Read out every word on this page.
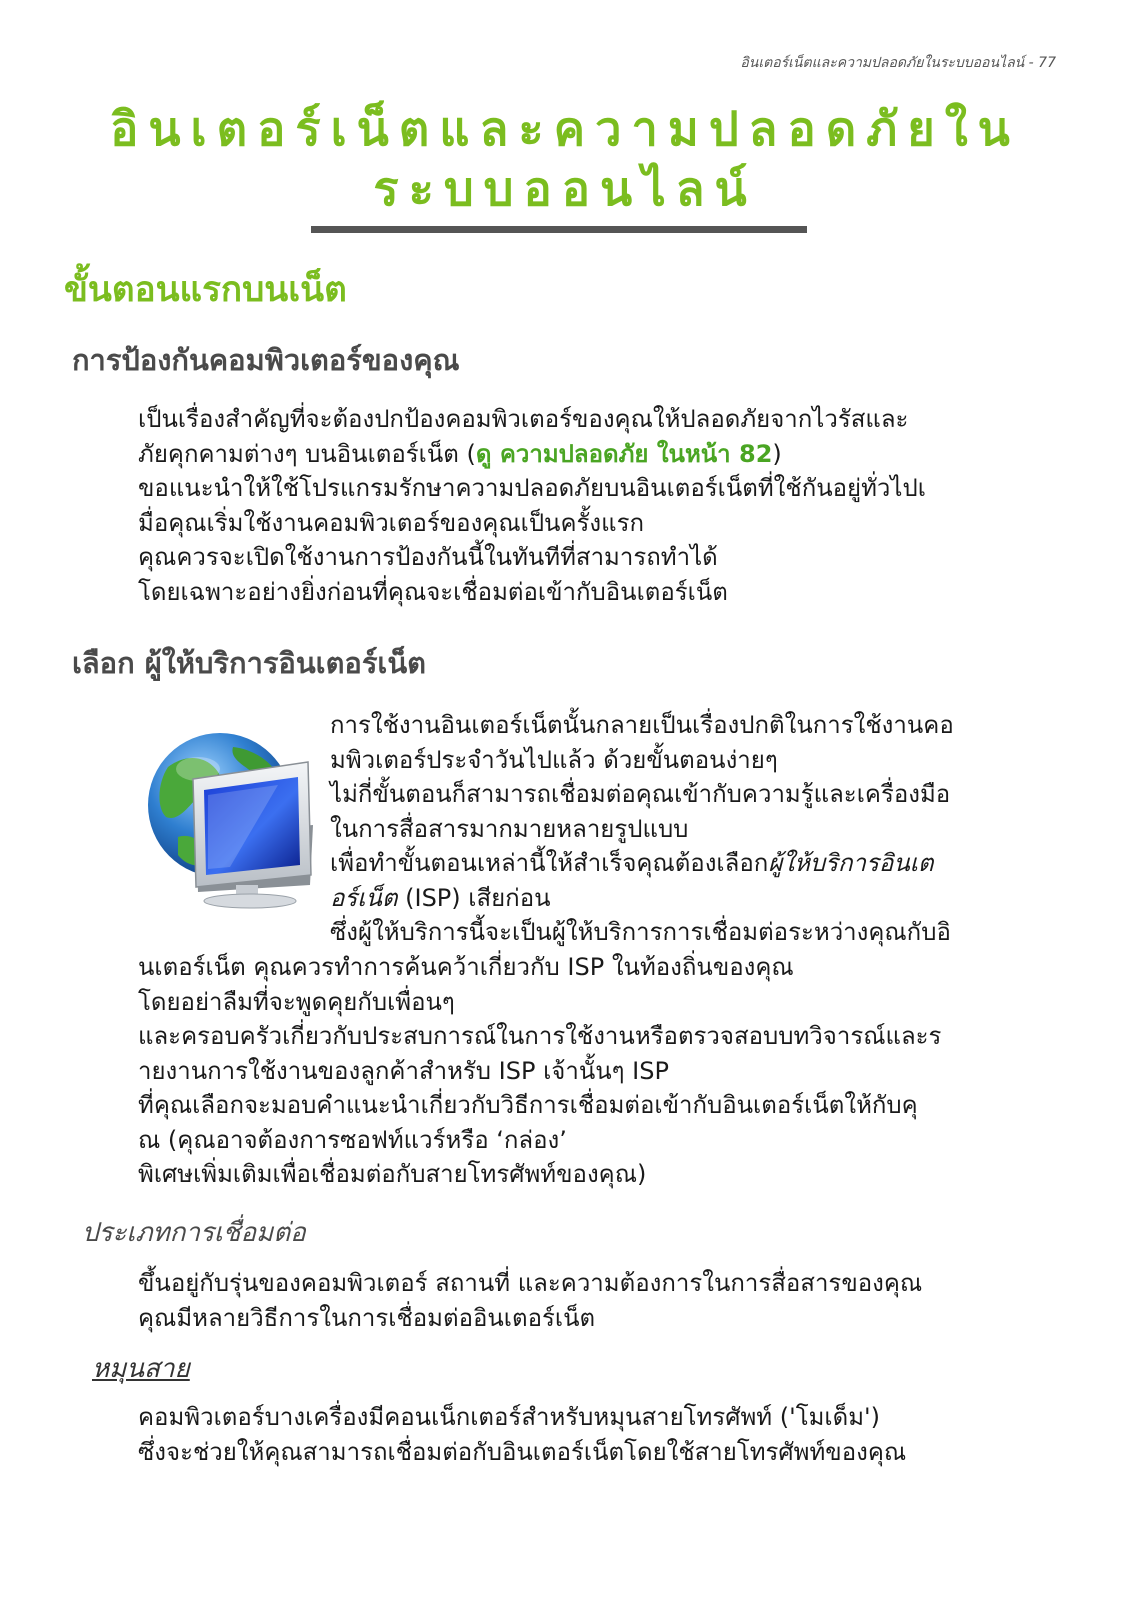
อินเตอร์เน็ตและความปลอดภัยในระบบออนไลน์ - 77
อินเตอร์เน็ตและความปลอดภัยใน
ระบบออนไลน์
ขั้นตอนแรกบนเน็ต
การป้องกันคอมพิวเตอร์ของคุณ
เป็นเรื่องสำคัญที่จะต้องปกป้องคอมพิวเตอร์ของคุณให้ปลอดภัยจากไวรัสและ
ภัยคุกคามต่างๆ บนอินเตอร์เน็ต (ดู ความปลอดภัย ในหน้า 82)
ขอแนะนำให้ใช้โปรแกรมรักษาความปลอดภัยบนอินเตอร์เน็ตที่ใช้กันอยู่ทั่วไปเ
มื่อคุณเริ่มใช้งานคอมพิวเตอร์ของคุณเป็นครั้งแรก
คุณควรจะเปิดใช้งานการป้องกันนี้ในทันทีที่สามารถทำได้
โดยเฉพาะอย่างยิ่งก่อนที่คุณจะเชื่อมต่อเข้ากับอินเตอร์เน็ต
เลือก ผู้ให้บริการอินเตอร์เน็ต
การใช้งานอินเตอร์เน็ตนั้นกลายเป็นเรื่องปกติในการใช้งานคอ
มพิวเตอร์ประจำวันไปแล้ว ด้วยขั้นตอนง่ายๆ
ไม่กี่ขั้นตอนก็สามารถเชื่อมต่อคุณเข้ากับความรู้และเครื่องมือ
ในการสื่อสารมากมายหลายรูปแบบ
เพื่อทำขั้นตอนเหล่านี้ให้สำเร็จคุณต้องเลือกผู้ให้บริการอินเต
อร์เน็ต (ISP) เสียก่อน
ซึ่งผู้ให้บริการนี้จะเป็นผู้ให้บริการการเชื่อมต่อระหว่างคุณกับอิ
นเตอร์เน็ต คุณควรทำการค้นคว้าเกี่ยวกับ ISP ในท้องถิ่นของคุณ
โดยอย่าลืมที่จะพูดคุยกับเพื่อนๆ
และครอบครัวเกี่ยวกับประสบการณ์ในการใช้งานหรือตรวจสอบบทวิจารณ์และร
ายงานการใช้งานของลูกค้าสำหรับ ISP เจ้านั้นๆ ISP
ที่คุณเลือกจะมอบคำแนะนำเกี่ยวกับวิธีการเชื่อมต่อเข้ากับอินเตอร์เน็ตให้กับคุ
ณ (คุณอาจต้องการซอฟท์แวร์หรือ ‘กล่อง’
พิเศษเพิ่มเติมเพื่อเชื่อมต่อกับสายโทรศัพท์ของคุณ)
ประเภทการเชื่อมต่อ
ขึ้นอยู่กับรุ่นของคอมพิวเตอร์ สถานที่ และความต้องการในการสื่อสารของคุณ
คุณมีหลายวิธีการในการเชื่อมต่ออินเตอร์เน็ต
หมุนสาย
คอมพิวเตอร์บางเครื่องมีคอนเน็กเตอร์สำหรับหมุนสายโทรศัพท์ ('โมเด็ม')
ซึ่งจะช่วยให้คุณสามารถเชื่อมต่อกับอินเตอร์เน็ตโดยใช้สายโทรศัพท์ของคุณ
